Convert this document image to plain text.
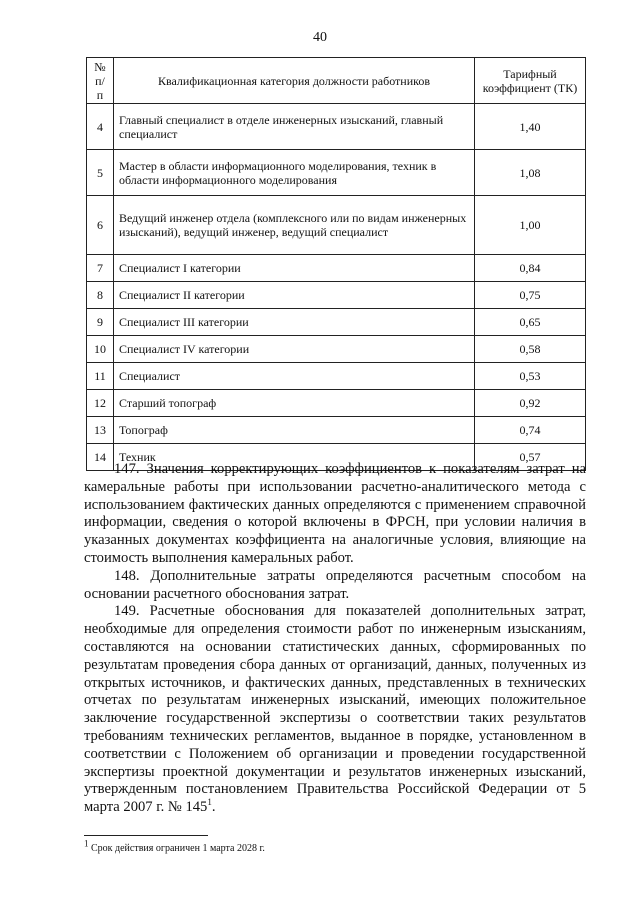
40
№ п/п	Квалификационная категория должности работников	Тарифный коэффициент (ТК)
4	Главный специалист в отделе инженерных изысканий, главный специалист	1,40
5	Мастер в области информационного моделирования, техник в области информационного моделирования	1,08
6	Ведущий инженер отдела (комплексного или по видам инженерных изысканий), ведущий инженер, ведущий специалист	1,00
7	Специалист I категории	0,84
8	Специалист II категории	0,75
9	Специалист III категории	0,65
10	Специалист IV категории	0,58
11	Специалист	0,53
12	Старший топограф	0,92
13	Топограф	0,74
14	Техник	0,57

147. Значения корректирующих коэффициентов к показателям затрат на камеральные работы при использовании расчетно-аналитического метода с использованием фактических данных определяются с применением справочной информации, сведения о которой включены в ФРСН, при условии наличия в указанных документах коэффициента на аналогичные условия, влияющие на стоимость выполнения камеральных работ.

148. Дополнительные затраты определяются расчетным способом на основании расчетного обоснования затрат.

149. Расчетные обоснования для показателей дополнительных затрат, необходимые для определения стоимости работ по инженерным изысканиям, составляются на основании статистических данных, сформированных по результатам проведения сбора данных от организаций, данных, полученных из открытых источников, и фактических данных, представленных в технических отчетах по результатам инженерных изысканий, имеющих положительное заключение государственной экспертизы о соответствии таких результатов требованиям технических регламентов, выданное в порядке, установленном в соответствии с Положением об организации и проведении государственной экспертизы проектной документации и результатов инженерных изысканий, утвержденным постановлением Правительства Российской Федерации от 5 марта 2007 г. № $145^1$.

$^1$ Срок действия ограничен 1 марта 2028 г.
